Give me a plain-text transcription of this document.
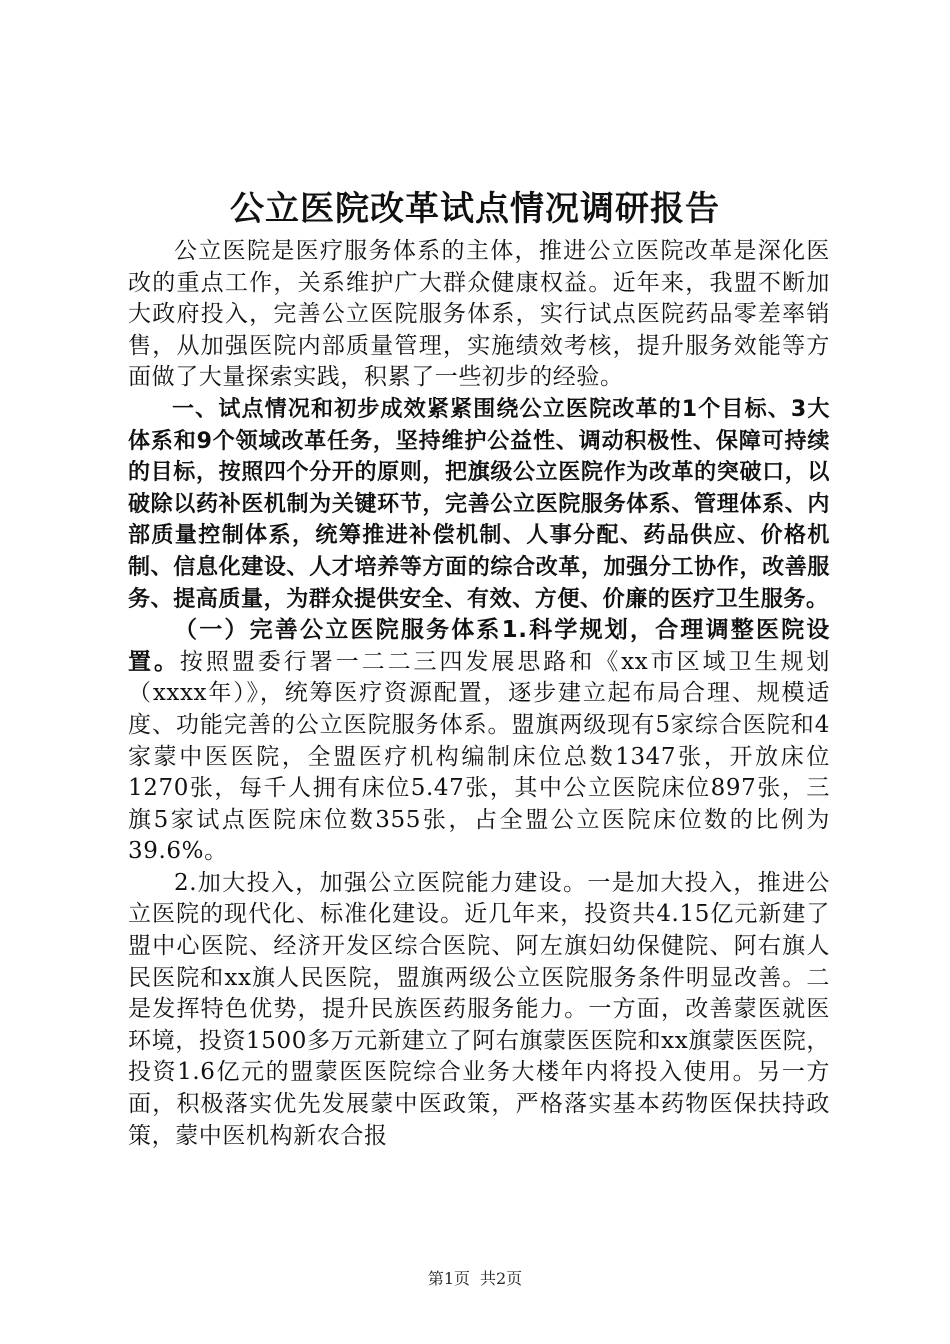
公立医院改革试点情况调研报告

公立医院是医疗服务体系的主体，推进公立医院改革是深化医改的重点工作，关系维护广大群众健康权益。近年来，我盟不断加大政府投入，完善公立医院服务体系，实行试点医院药品零差率销售，从加强医院内部质量管理，实施绩效考核，提升服务效能等方面做了大量探索实践，积累了一些初步的经验。

一、试点情况和初步成效紧紧围绕公立医院改革的1个目标、3大体系和9个领域改革任务，坚持维护公益性、调动积极性、保障可持续的目标，按照四个分开的原则，把旗级公立医院作为改革的突破口，以破除以药补医机制为关键环节，完善公立医院服务体系、管理体系、内部质量控制体系，统筹推进补偿机制、人事分配、药品供应、价格机制、信息化建设、人才培养等方面的综合改革，加强分工协作，改善服务、提高质量，为群众提供安全、有效、方便、价廉的医疗卫生服务。

（一）完善公立医院服务体系1.科学规划，合理调整医院设置。按照盟委行署一二二三四发展思路和《xx市区域卫生规划（xxxx年）》，统筹医疗资源配置，逐步建立起布局合理、规模适度、功能完善的公立医院服务体系。盟旗两级现有5家综合医院和4家蒙中医医院，全盟医疗机构编制床位总数1347张，开放床位1270张，每千人拥有床位5.47张，其中公立医院床位897张，三旗5家试点医院床位数355张，占全盟公立医院床位数的比例为39.6%。

2.加大投入，加强公立医院能力建设。一是加大投入，推进公立医院的现代化、标准化建设。近几年来，投资共4.15亿元新建了盟中心医院、经济开发区综合医院、阿左旗妇幼保健院、阿右旗人民医院和xx旗人民医院，盟旗两级公立医院服务条件明显改善。二是发挥特色优势，提升民族医药服务能力。一方面，改善蒙医就医环境，投资1500多万元新建立了阿右旗蒙医医院和xx旗蒙医医院，投资1.6亿元的盟蒙医医院综合业务大楼年内将投入使用。另一方面，积极落实优先发展蒙中医政策，严格落实基本药物医保扶持政策，蒙中医机构新农合报

第1页 共2页
